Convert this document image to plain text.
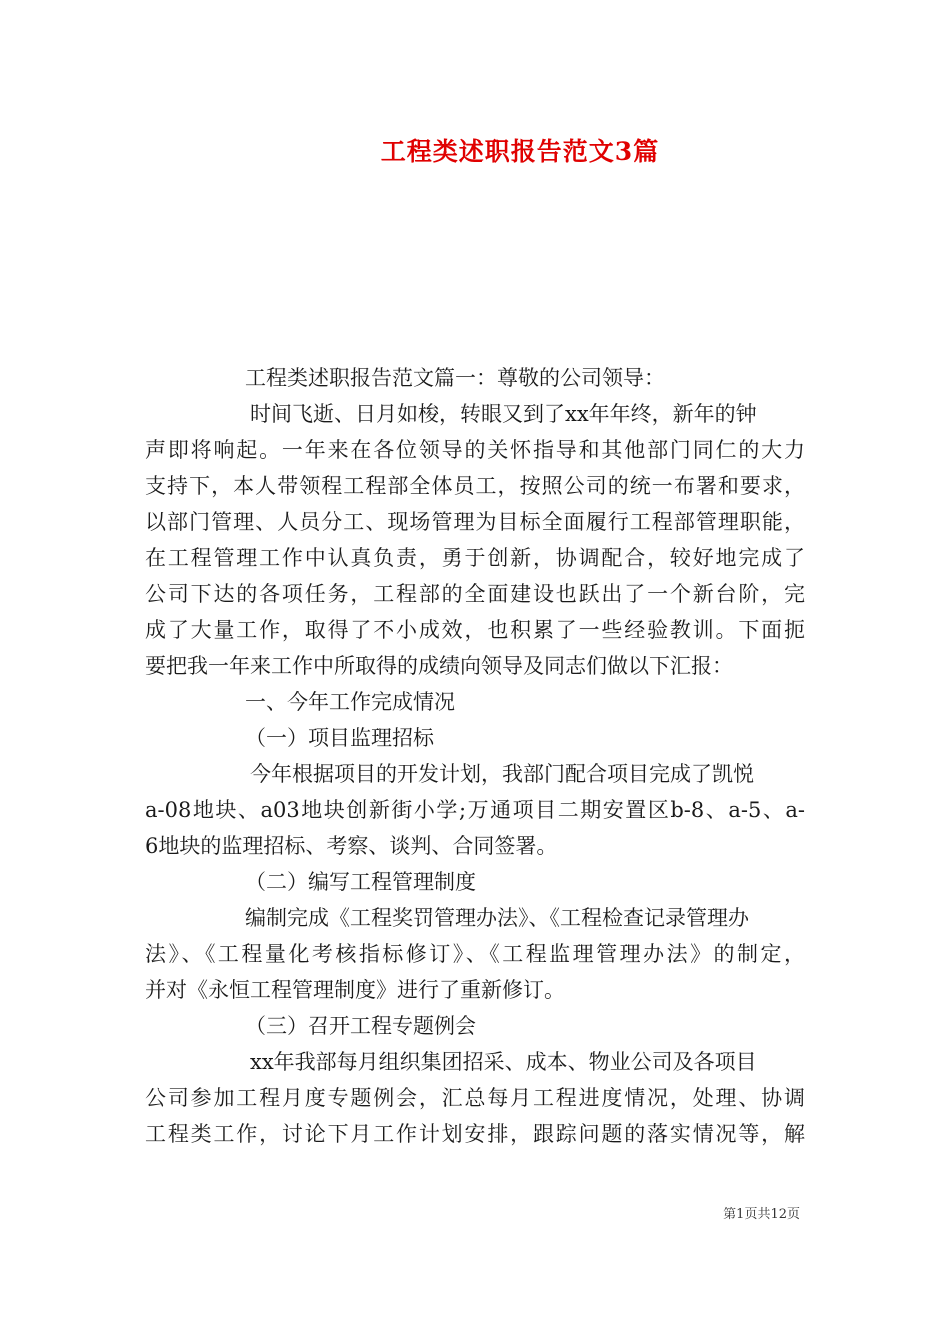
工程类述职报告范文3篇

工程类述职报告范文篇一：尊敬的公司领导：

时间飞逝、日月如梭，转眼又到了xx年年终，新年的钟

声即将响起。一年来在各位领导的关怀指导和其他部门同仁的大力

支持下，本人带领程工程部全体员工，按照公司的统一布署和要求，

以部门管理、人员分工、现场管理为目标全面履行工程部管理职能，

在工程管理工作中认真负责，勇于创新，协调配合，较好地完成了

公司下达的各项任务，工程部的全面建设也跃出了一个新台阶，完

成了大量工作，取得了不小成效，也积累了一些经验教训。下面扼

要把我一年来工作中所取得的成绩向领导及同志们做以下汇报：

一、今年工作完成情况

（一）项目监理招标

今年根据项目的开发计划，我部门配合项目完成了凯悦

a-08地块、a03地块创新街小学;万通项目二期安置区b-8、a-5、a-

6地块的监理招标、考察、谈判、合同签署。

（二）编写工程管理制度

编制完成《工程奖罚管理办法》、《工程检查记录管理办

法》、《工程量化考核指标修订》、《工程监理管理办法》的制定，

并对《永恒工程管理制度》进行了重新修订。

（三）召开工程专题例会

xx年我部每月组织集团招采、成本、物业公司及各项目

公司参加工程月度专题例会，汇总每月工程进度情况，处理、协调

工程类工作，讨论下月工作计划安排，跟踪问题的落实情况等，解

第1页共12页
